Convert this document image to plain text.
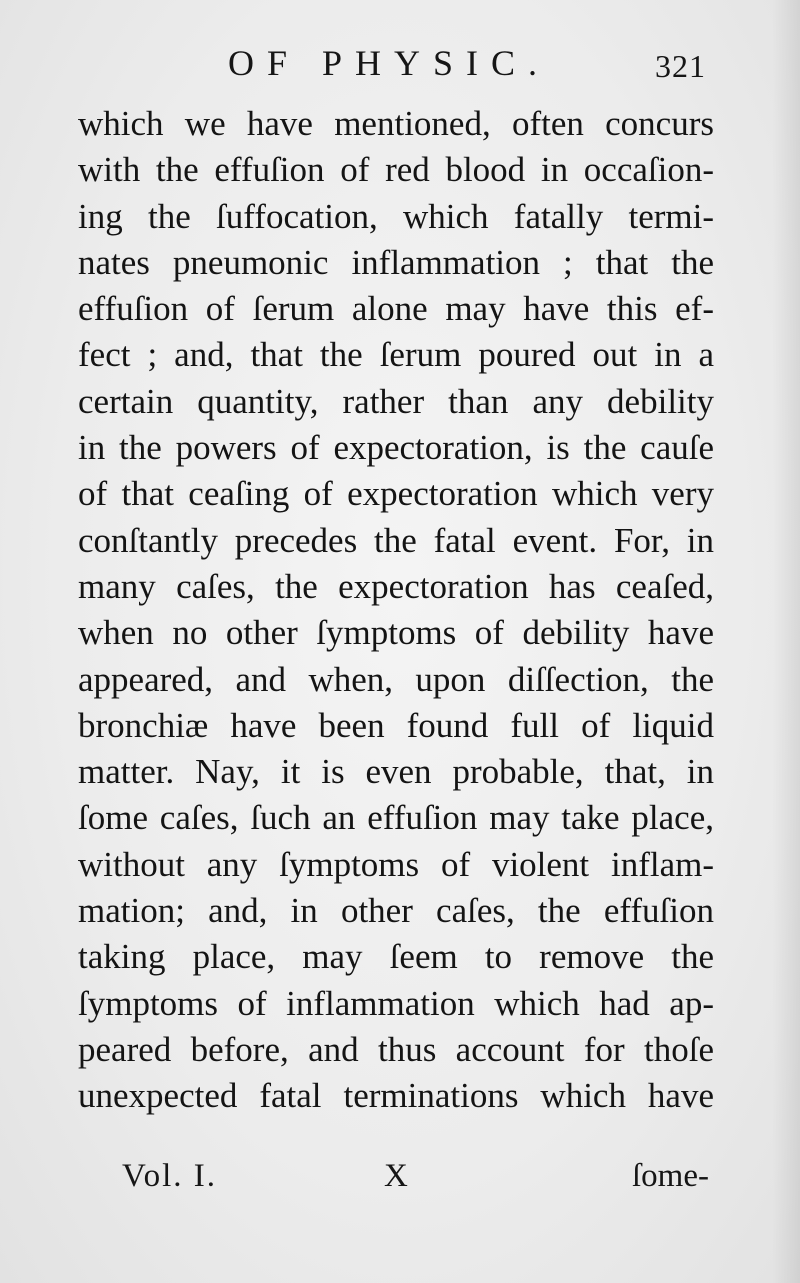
OF PHYSIC.	321
which we have mentioned, often concurs
with the effuſion of red blood in occaſion-
ing the ſuffocation, which fatally termi-
nates pneumonic inflammation ; that the
effuſion of ſerum alone may have this ef-
fect ; and, that the ſerum poured out in a
certain quantity, rather than any debility
in the powers of expectoration, is the cauſe
of that ceaſing of expectoration which very
conſtantly precedes the fatal event. For, in
many caſes, the expectoration has ceaſed,
when no other ſymptoms of debility have
appeared, and when, upon diſſection, the
bronchiæ have been found full of liquid
matter. Nay, it is even probable, that, in
ſome caſes, ſuch an effuſion may take place,
without any ſymptoms of violent inflam-
mation; and, in other caſes, the effuſion
taking place, may ſeem to remove the
ſymptoms of inflammation which had ap-
peared before, and thus account for thoſe
unexpected fatal terminations which have
Vol. I.	X	ſome-
